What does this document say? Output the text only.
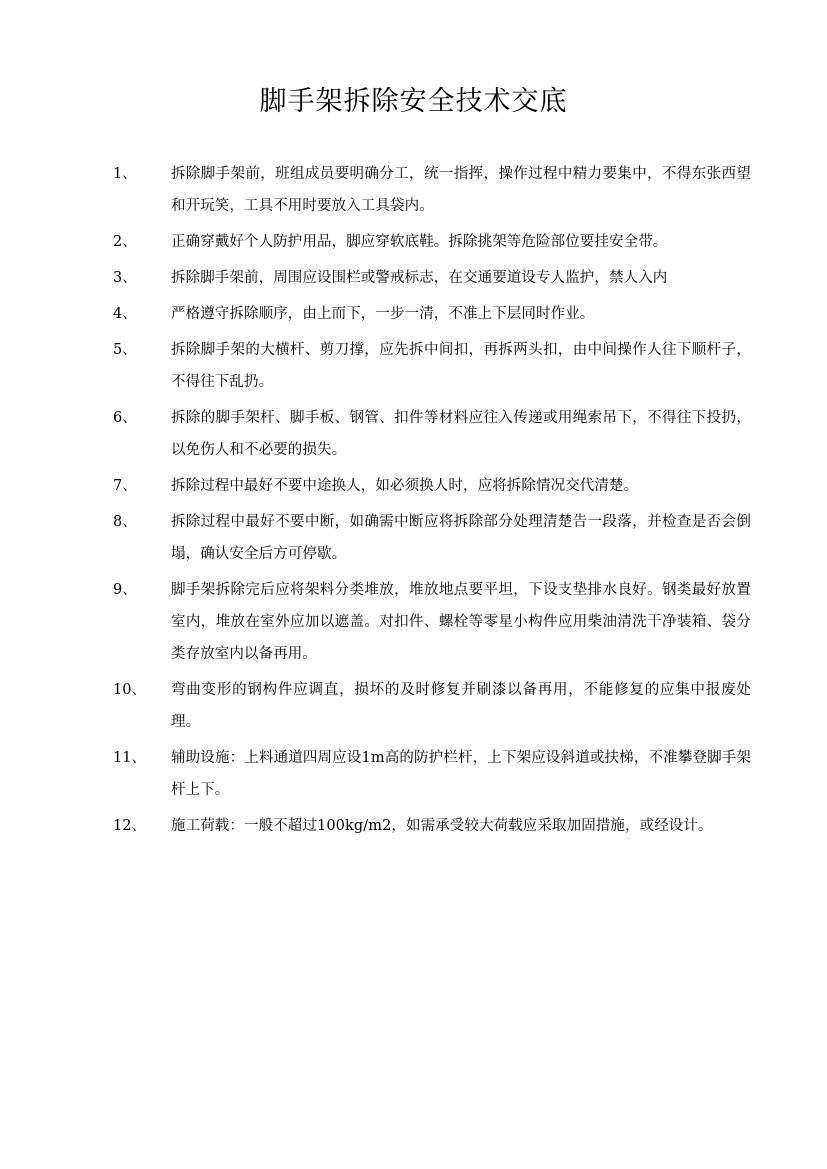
脚手架拆除安全技术交底
1、	拆除脚手架前，班组成员要明确分工，统一指挥，操作过程中精力要集中，不得东张西望和开玩笑，工具不用时要放入工具袋内。
2、	正确穿戴好个人防护用品，脚应穿软底鞋。拆除挑架等危险部位要挂安全带。
3、	拆除脚手架前，周围应设围栏或警戒标志，在交通要道设专人监护，禁人入内
4、	严格遵守拆除顺序，由上而下，一步一清，不准上下层同时作业。
5、	拆除脚手架的大横杆、剪刀撑，应先拆中间扣，再拆两头扣，由中间操作人往下顺杆子，不得往下乱扔。
6、	拆除的脚手架杆、脚手板、钢管、扣件等材料应往入传递或用绳索吊下，不得往下投扔，以免伤人和不必要的损失。
7、	拆除过程中最好不要中途换人，如必须换人时，应将拆除情况交代清楚。
8、	拆除过程中最好不要中断，如确需中断应将拆除部分处理清楚告一段落，并检查是否会倒塌，确认安全后方可停歇。
9、	脚手架拆除完后应将架料分类堆放，堆放地点要平坦，下设支垫排水良好。钢类最好放置室内，堆放在室外应加以遮盖。对扣件、螺栓等零星小构件应用柴油清洗干净装箱、袋分类存放室内以备再用。
10、	弯曲变形的钢构件应调直，损坏的及时修复并刷漆以备再用，不能修复的应集中报废处理。
11、	辅助设施：上料通道四周应设1m高的防护栏杆，上下架应设斜道或扶梯，不准攀登脚手架杆上下。
12、	施工荷载：一般不超过100kg/m2，如需承受较大荷载应采取加固措施，或经设计。
